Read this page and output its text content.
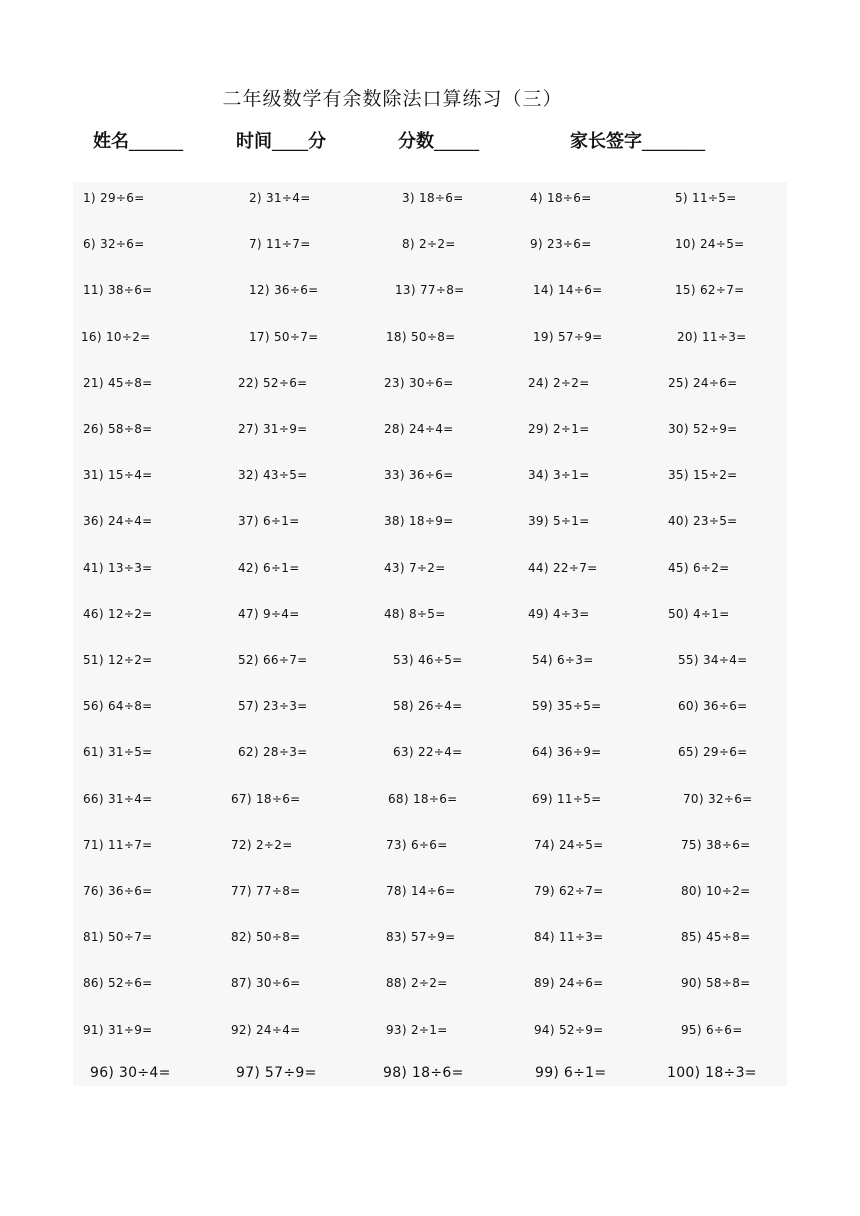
二年级数学有余数除法口算练习（三）
姓名______	时间____分	分数_____	家长签字_______
1) 29÷6=	2) 31÷4=	3) 18÷6=	4) 18÷6=	5) 11÷5=
6) 32÷6=	7) 11÷7=	8) 2÷2=	9) 23÷6=	10) 24÷5=
11) 38÷6=	12) 36÷6=	13) 77÷8=	14) 14÷6=	15) 62÷7=
16) 10÷2=	17) 50÷7=	18) 50÷8=	19) 57÷9=	20) 11÷3=
21) 45÷8=	22) 52÷6=	23) 30÷6=	24) 2÷2=	25) 24÷6=
26) 58÷8=	27) 31÷9=	28) 24÷4=	29) 2÷1=	30) 52÷9=
31) 15÷4=	32) 43÷5=	33) 36÷6=	34) 3÷1=	35) 15÷2=
36) 24÷4=	37) 6÷1=	38) 18÷9=	39) 5÷1=	40) 23÷5=
41) 13÷3=	42) 6÷1=	43) 7÷2=	44) 22÷7=	45) 6÷2=
46) 12÷2=	47) 9÷4=	48) 8÷5=	49) 4÷3=	50) 4÷1=
51) 12÷2=	52) 66÷7=	53) 46÷5=	54) 6÷3=	55) 34÷4=
56) 64÷8=	57) 23÷3=	58) 26÷4=	59) 35÷5=	60) 36÷6=
61) 31÷5=	62) 28÷3=	63) 22÷4=	64) 36÷9=	65) 29÷6=
66) 31÷4=	67) 18÷6=	68) 18÷6=	69) 11÷5=	70) 32÷6=
71) 11÷7=	72) 2÷2=	73) 6÷6=	74) 24÷5=	75) 38÷6=
76) 36÷6=	77) 77÷8=	78) 14÷6=	79) 62÷7=	80) 10÷2=
81) 50÷7=	82) 50÷8=	83) 57÷9=	84) 11÷3=	85) 45÷8=
86) 52÷6=	87) 30÷6=	88) 2÷2=	89) 24÷6=	90) 58÷8=
91) 31÷9=	92) 24÷4=	93) 2÷1=	94) 52÷9=	95) 6÷6=
96) 30÷4=	97) 57÷9=	98) 18÷6=	99) 6÷1=	100) 18÷3=
